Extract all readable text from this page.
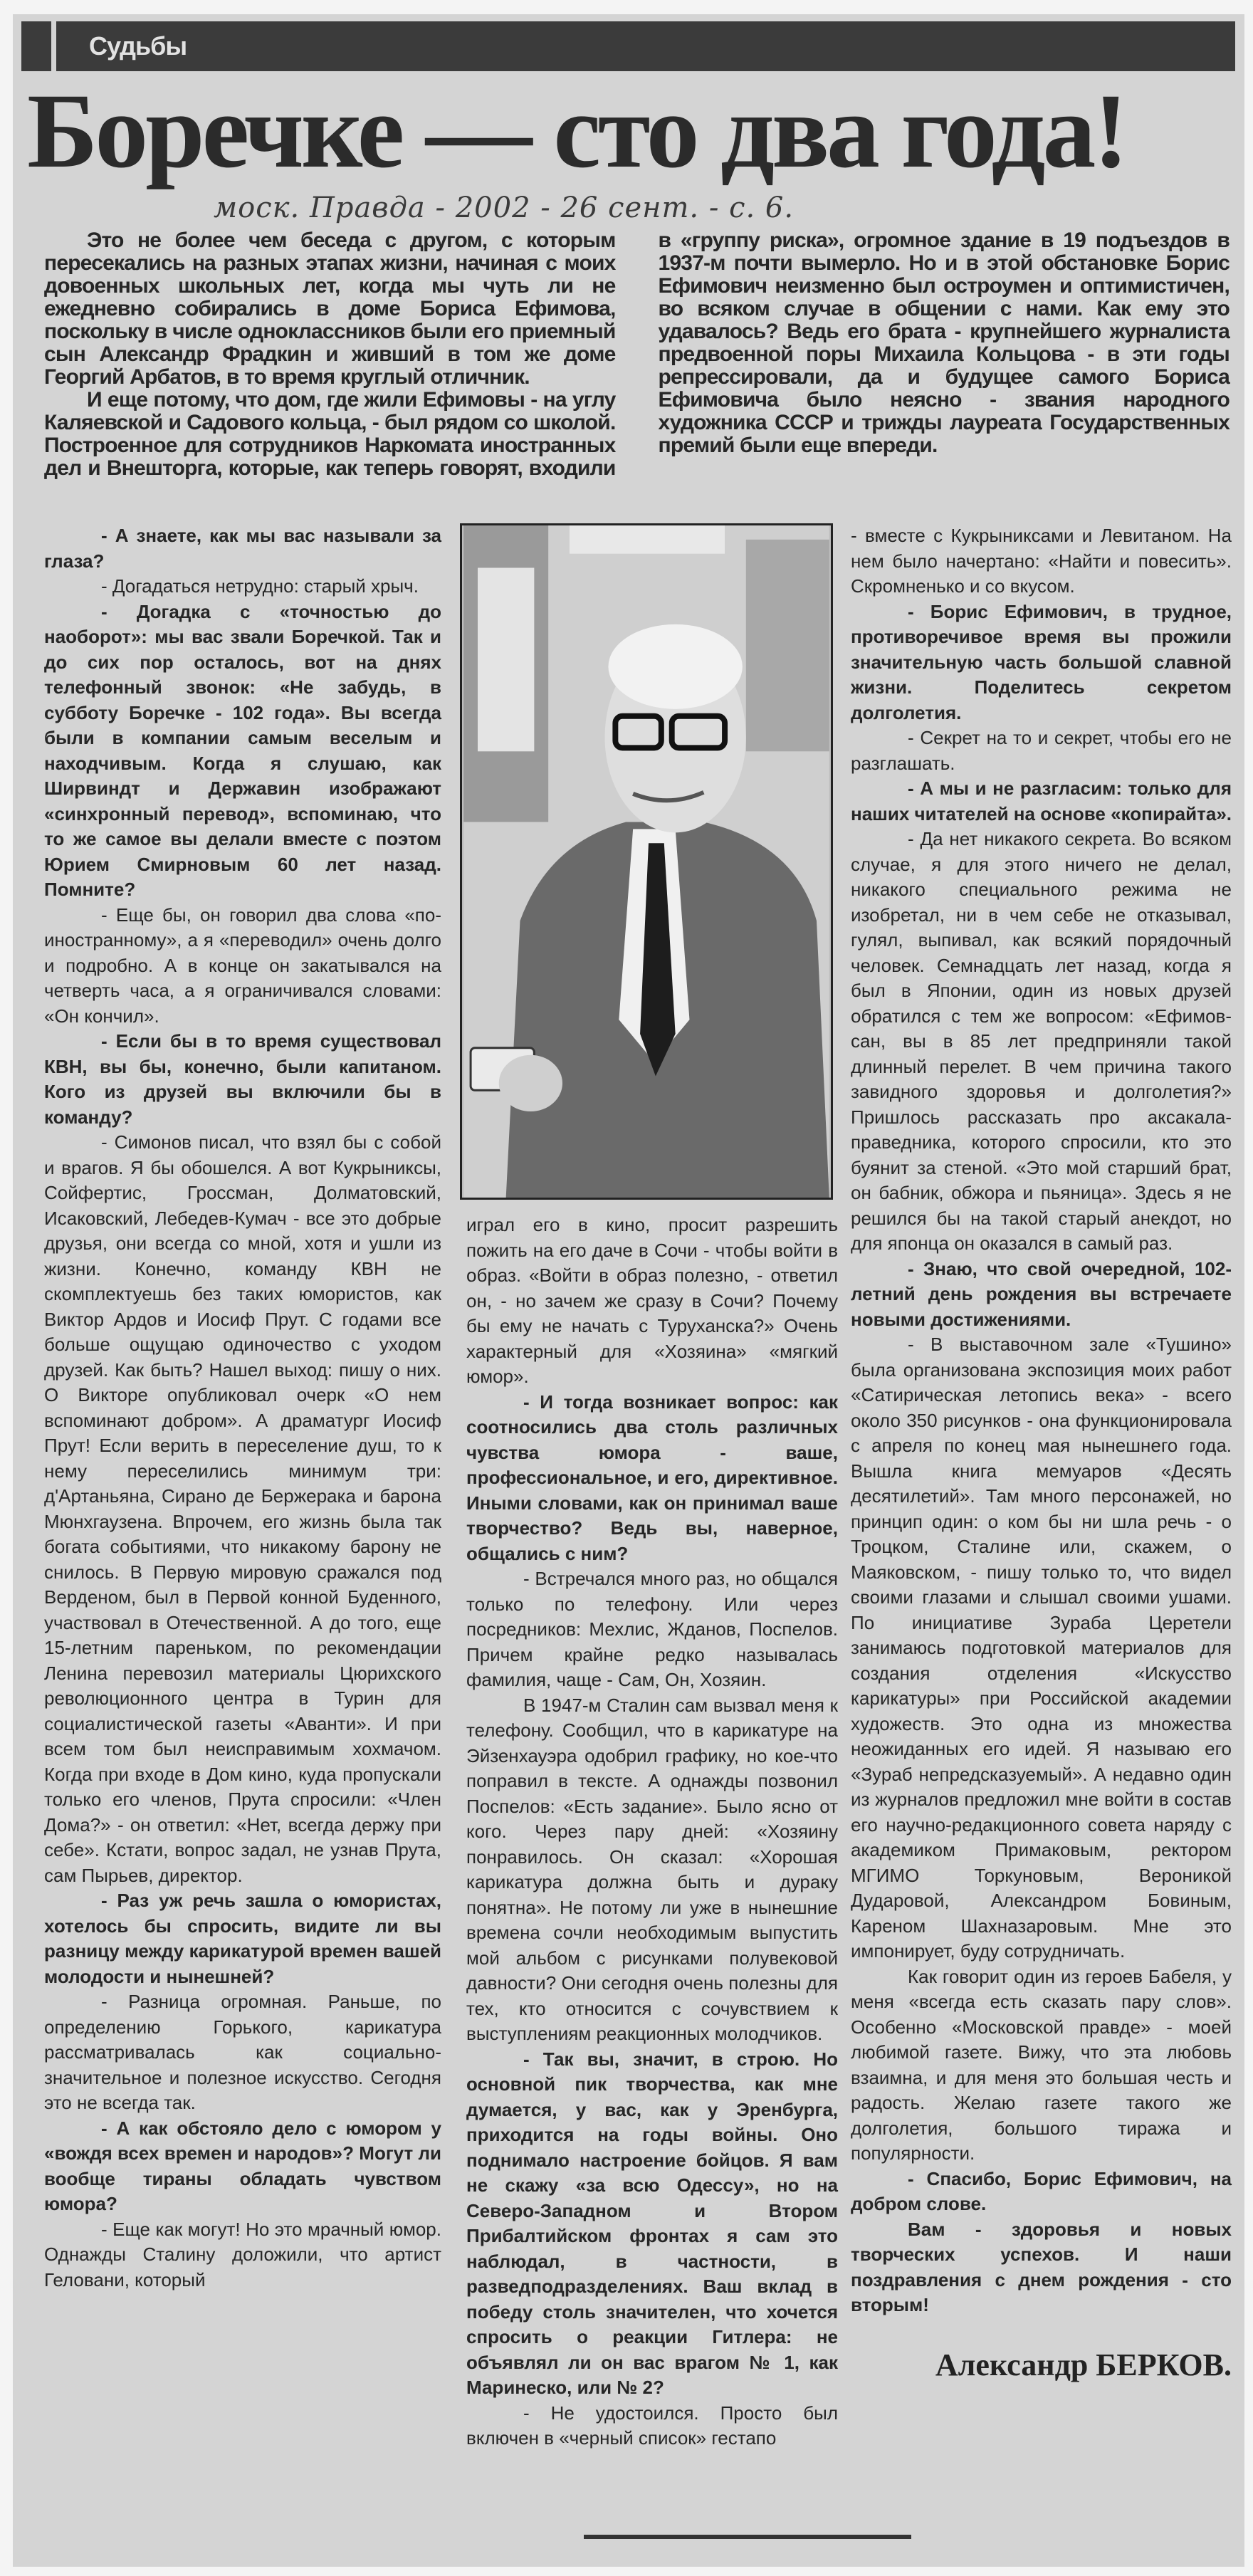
Судьбы
Боречке — сто два года!
моск. Правда - 2002 - 26 сент. - с. 6.

Это не более чем беседа с другом, с которым пересекались на разных этапах жизни, начиная с моих довоенных школьных лет, когда мы чуть ли не ежедневно собирались в доме Бориса Ефимова, поскольку в числе одноклассников были его приемный сын Александр Фрадкин и живший в том же доме Георгий Арбатов, в то время круглый отличник.

И еще потому, что дом, где жили Ефимовы - на углу Каляевской и Садового кольца, - был рядом со школой. Построенное для сотрудников Наркомата иностранных дел и Внешторга, которые, как теперь говорят, входили в «группу риска», огромное здание в 19 подъездов в 1937-м почти вымерло. Но и в этой обстановке Борис Ефимович неизменно был остроумен и оптимистичен, во всяком случае в общении с нами. Как ему это удавалось? Ведь его брата - крупнейшего журналиста предвоенной поры Михаила Кольцова - в эти годы репрессировали, да и будущее самого Бориса Ефимовича было неясно - звания народного художника СССР и трижды лауреата Государственных премий были еще впереди.

- А знаете, как мы вас называли за глаза?

- Догадаться нетрудно: старый хрыч.

- Догадка с «точностью до наоборот»: мы вас звали Боречкой. Так и до сих пор осталось, вот на днях телефонный звонок: «Не забудь, в субботу Боречке - 102 года». Вы всегда были в компании самым веселым и находчивым. Когда я слушаю, как Ширвиндт и Державин изображают «синхронный перевод», вспоминаю, что то же самое вы делали вместе с поэтом Юрием Смирновым 60 лет назад. Помните?

- Еще бы, он говорил два слова «по-иностранному», а я «переводил» очень долго и подробно. А в конце он закатывался на четверть часа, а я ограничивался словами: «Он кончил».

- Если бы в то время существовал КВН, вы бы, конечно, были капитаном. Кого из друзей вы включили бы в команду?

- Симонов писал, что взял бы с собой и врагов. Я бы обошелся. А вот Кукрыниксы, Сойфертис, Гроссман, Долматовский, Исаковский, Лебедев-Кумач - все это добрые друзья, они всегда со мной, хотя и ушли из жизни. Конечно, команду КВН не скомплектуешь без таких юмористов, как Виктор Ардов и Иосиф Прут. С годами все больше ощущаю одиночество с уходом друзей. Как быть? Нашел выход: пишу о них. О Викторе опубликовал очерк «О нем вспоминают добром». А драматург Иосиф Прут! Если верить в переселение душ, то к нему переселились минимум три: д'Артаньяна, Сирано де Бержерака и барона Мюнхгаузена. Впрочем, его жизнь была так богата событиями, что никакому барону не снилось. В Первую мировую сражался под Верденом, был в Первой конной Буденного, участвовал в Отечественной. А до того, еще 15-летним пареньком, по рекомендации Ленина перевозил материалы Цюрихского революционного центра в Турин для социалистической газеты «Аванти». И при всем том был неисправимым хохмачом. Когда при входе в Дом кино, куда пропускали только его членов, Прута спросили: «Член Дома?» - он ответил: «Нет, всегда держу при себе». Кстати, вопрос задал, не узнав Прута, сам Пырьев, директор.

- Раз уж речь зашла о юмористах, хотелось бы спросить, видите ли вы разницу между карикатурой времен вашей молодости и нынешней?

- Разница огромная. Раньше, по определению Горького, карикатура рассматривалась как социально-значительное и полезное искусство. Сегодня это не всегда так.

- А как обстояло дело с юмором у «вождя всех времен и народов»? Могут ли вообще тираны обладать чувством юмора?

- Еще как могут! Но это мрачный юмор. Однажды Сталину доложили, что артист Геловани, который

играл его в кино, просит разрешить пожить на его даче в Сочи - чтобы войти в образ. «Войти в образ полезно, - ответил он, - но зачем же сразу в Сочи? Почему бы ему не начать с Туруханска?» Очень характерный для «Хозяина» «мягкий юмор».

- И тогда возникает вопрос: как соотносились два столь различных чувства юмора - ваше, профессиональное, и его, директивное. Иными словами, как он принимал ваше творчество? Ведь вы, наверное, общались с ним?

- Встречался много раз, но общался только по телефону. Или через посредников: Мехлис, Жданов, Поспелов. Причем крайне редко называлась фамилия, чаще - Сам, Он, Хозяин.

В 1947-м Сталин сам вызвал меня к телефону. Сообщил, что в карикатуре на Эйзенхауэра одобрил графику, но кое-что поправил в тексте. А однажды позвонил Поспелов: «Есть задание». Было ясно от кого. Через пару дней: «Хозяину понравилось. Он сказал: «Хорошая карикатура должна быть и дураку понятна». Не потому ли уже в нынешние времена сочли необходимым выпустить мой альбом с рисунками полувековой давности? Они сегодня очень полезны для тех, кто относится с сочувствием к выступлениям реакционных молодчиков.

- Так вы, значит, в строю. Но основной пик творчества, как мне думается, у вас, как у Эренбурга, приходится на годы войны. Оно поднимало настроение бойцов. Я вам не скажу «за всю Одессу», но на Северо-Западном и Втором Прибалтийском фронтах я сам это наблюдал, в частности, в разведподразделениях. Ваш вклад в победу столь значителен, что хочется спросить о реакции Гитлера: не объявлял ли он вас врагом № 1, как Маринеско, или № 2?

- Не удостоился. Просто был включен в «черный список» гестапо

- вместе с Кукрыниксами и Левитаном. На нем было начертано: «Найти и повесить». Скромненько и со вкусом.

- Борис Ефимович, в трудное, противоречивое время вы прожили значительную часть большой славной жизни. Поделитесь секретом долголетия.

- Секрет на то и секрет, чтобы его не разглашать.

- А мы и не разгласим: только для наших читателей на основе «копирайта».

- Да нет никакого секрета. Во всяком случае, я для этого ничего не делал, никакого специального режима не изобретал, ни в чем себе не отказывал, гулял, выпивал, как всякий порядочный человек. Семнадцать лет назад, когда я был в Японии, один из новых друзей обратился с тем же вопросом: «Ефимов-сан, вы в 85 лет предприняли такой длинный перелет. В чем причина такого завидного здоровья и долголетия?» Пришлось рассказать про аксакала-праведника, которого спросили, кто это буянит за стеной. «Это мой старший брат, он бабник, обжора и пьяница». Здесь я не решился бы на такой старый анекдот, но для японца он оказался в самый раз.

- Знаю, что свой очередной, 102-летний день рождения вы встречаете новыми достижениями.

- В выставочном зале «Тушино» была организована экспозиция моих работ «Сатирическая летопись века» - всего около 350 рисунков - она функционировала с апреля по конец мая нынешнего года. Вышла книга мемуаров «Десять десятилетий». Там много персонажей, но принцип один: о ком бы ни шла речь - о Троцком, Сталине или, скажем, о Маяковском, - пишу только то, что видел своими глазами и слышал своими ушами. По инициативе Зураба Церетели занимаюсь подготовкой материалов для создания отделения «Искусство карикатуры» при Российской академии художеств. Это одна из множества неожиданных его идей. Я называю его «Зураб непредсказуемый». А недавно один из журналов предложил мне войти в состав его научно-редакционного совета наряду с академиком Примаковым, ректором МГИМО Торкуновым, Вероникой Дударовой, Александром Бовиным, Кареном Шахназаровым. Мне это импонирует, буду сотрудничать.

Как говорит один из героев Бабеля, у меня «всегда есть сказать пару слов». Особенно «Московской правде» - моей любимой газете. Вижу, что эта любовь взаимна, и для меня это большая честь и радость. Желаю газете такого же долголетия, большого тиража и популярности.

- Спасибо, Борис Ефимович, на добром слове.

Вам - здоровья и новых творческих успехов. И наши поздравления с днем рождения - сто вторым!

Александр БЕРКОВ.
